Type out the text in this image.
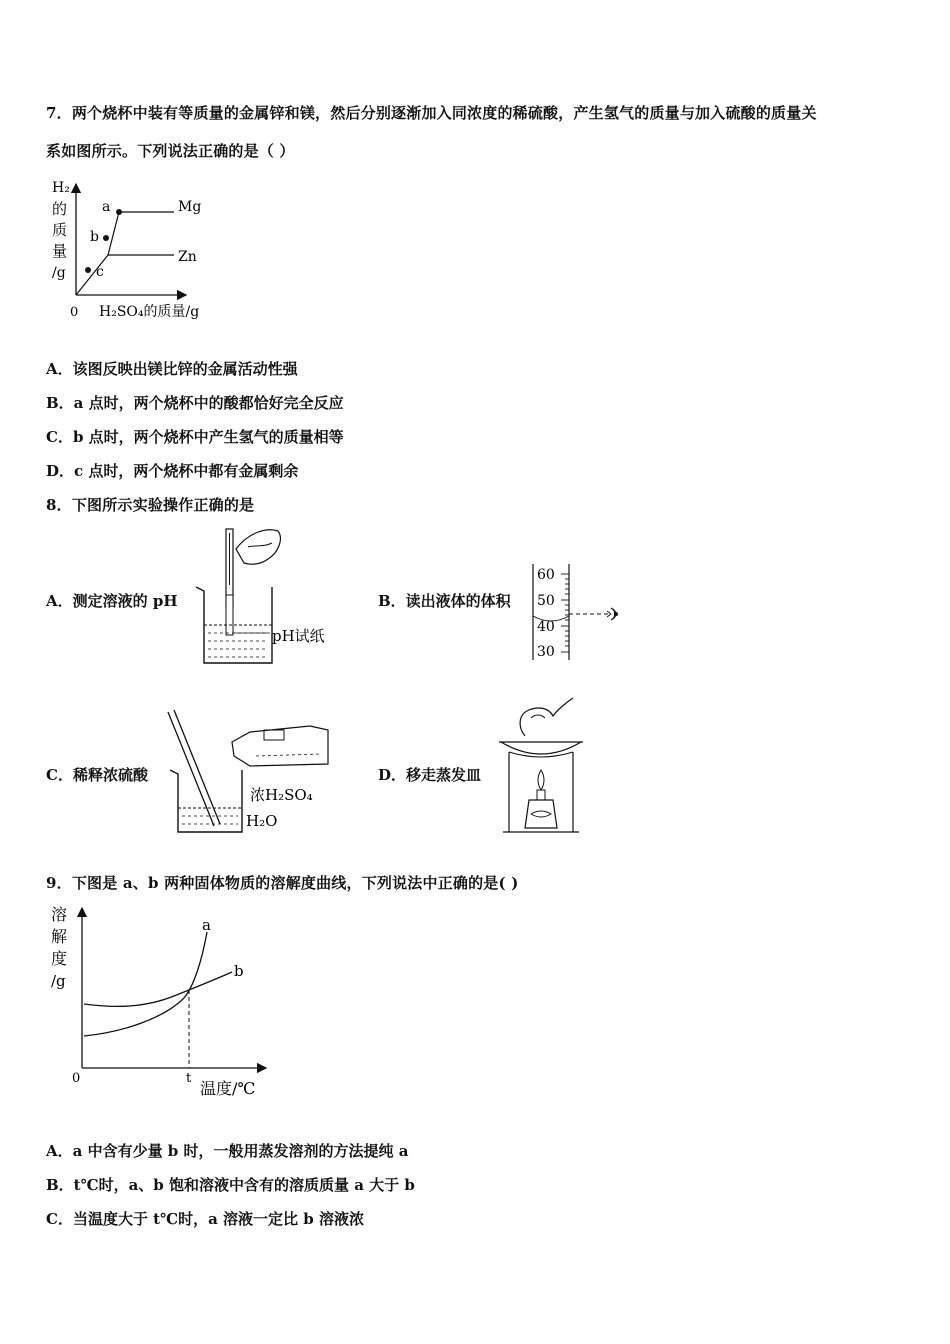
7．两个烧杯中装有等质量的金属锌和镁，然后分别逐渐加入同浓度的稀硫酸，产生氢气的质量与加入硫酸的质量关
系如图所示。下列说法正确的是（ ）
H₂
的
质
量
/g
0 H₂SO₄的质量/g
a
b
c
Mg
Zn
A．该图反映出镁比锌的金属活动性强
B．a 点时，两个烧杯中的酸都恰好完全反应
C．b 点时，两个烧杯中产生氢气的质量相等
D．c 点时，两个烧杯中都有金属剩余
8．下图所示实验操作正确的是
A．测定溶液的 pH
pH试纸
B．读出液体的体积
60
50
40
30
C．稀释浓硫酸
浓H₂SO₄
H₂O
D．移走蒸发皿
9．下图是 a、b 两种固体物质的溶解度曲线，下列说法中正确的是( )
溶
解
度
/g
0	t
温度/℃
a
b
A．a 中含有少量 b 时，一般用蒸发溶剂的方法提纯 a
B．t℃时，a、b 饱和溶液中含有的溶质质量 a 大于 b
C．当温度大于 t℃时，a 溶液一定比 b 溶液浓
